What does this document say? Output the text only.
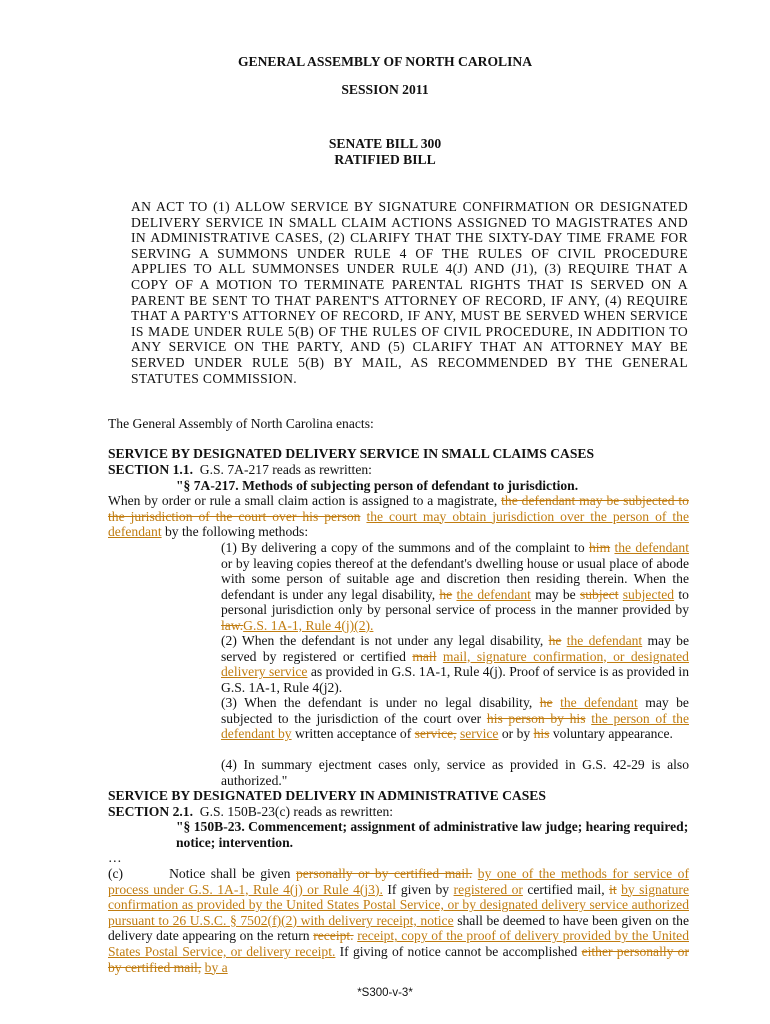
GENERAL ASSEMBLY OF NORTH CAROLINA
SESSION 2011
SENATE BILL 300
RATIFIED BILL
AN ACT TO (1) ALLOW SERVICE BY SIGNATURE CONFIRMATION OR DESIGNATED DELIVERY SERVICE IN SMALL CLAIM ACTIONS ASSIGNED TO MAGISTRATES AND IN ADMINISTRATIVE CASES, (2) CLARIFY THAT THE SIXTY-DAY TIME FRAME FOR SERVING A SUMMONS UNDER RULE 4 OF THE RULES OF CIVIL PROCEDURE APPLIES TO ALL SUMMONSES UNDER RULE 4(J) AND (J1), (3) REQUIRE THAT A COPY OF A MOTION TO TERMINATE PARENTAL RIGHTS THAT IS SERVED ON A PARENT BE SENT TO THAT PARENT'S ATTORNEY OF RECORD, IF ANY, (4) REQUIRE THAT A PARTY'S ATTORNEY OF RECORD, IF ANY, MUST BE SERVED WHEN SERVICE IS MADE UNDER RULE 5(B) OF THE RULES OF CIVIL PROCEDURE, IN ADDITION TO ANY SERVICE ON THE PARTY, AND (5) CLARIFY THAT AN ATTORNEY MAY BE SERVED UNDER RULE 5(B) BY MAIL, AS RECOMMENDED BY THE GENERAL STATUTES COMMISSION.
The General Assembly of North Carolina enacts:
SERVICE BY DESIGNATED DELIVERY SERVICE IN SMALL CLAIMS CASES
SECTION 1.1. G.S. 7A-217 reads as rewritten:
"§ 7A-217. Methods of subjecting person of defendant to jurisdiction.
When by order or rule a small claim action is assigned to a magistrate, the defendant may be subjected to the jurisdiction of the court over his person the court may obtain jurisdiction over the person of the defendant by the following methods:
(1) By delivering a copy of the summons and of the complaint to him the defendant or by leaving copies thereof at the defendant's dwelling house or usual place of abode with some person of suitable age and discretion then residing therein. When the defendant is under any legal disability, he the defendant may be subject subjected to personal jurisdiction only by personal service of process in the manner provided by law.G.S. 1A-1, Rule 4(j)(2).
(2) When the defendant is not under any legal disability, he the defendant may be served by registered or certified mail mail, signature confirmation, or designated delivery service as provided in G.S. 1A-1, Rule 4(j). Proof of service is as provided in G.S. 1A-1, Rule 4(j2).
(3) When the defendant is under no legal disability, he the defendant may be subjected to the jurisdiction of the court over his person by his the person of the defendant by written acceptance of service, service or by his voluntary appearance.
(4) In summary ejectment cases only, service as provided in G.S. 42-29 is also authorized."
SERVICE BY DESIGNATED DELIVERY IN ADMINISTRATIVE CASES
SECTION 2.1. G.S. 150B-23(c) reads as rewritten:
"§ 150B-23. Commencement; assignment of administrative law judge; hearing required; notice; intervention.
…
(c)	Notice shall be given personally or by certified mail. by one of the methods for service of process under G.S. 1A-1, Rule 4(j) or Rule 4(j3). If given by registered or certified mail, it by signature confirmation as provided by the United States Postal Service, or by designated delivery service authorized pursuant to 26 U.S.C. § 7502(f)(2) with delivery receipt, notice shall be deemed to have been given on the delivery date appearing on the return receipt. receipt, copy of the proof of delivery provided by the United States Postal Service, or delivery receipt. If giving of notice cannot be accomplished either personally or by certified mail, by a
*S300-v-3*
